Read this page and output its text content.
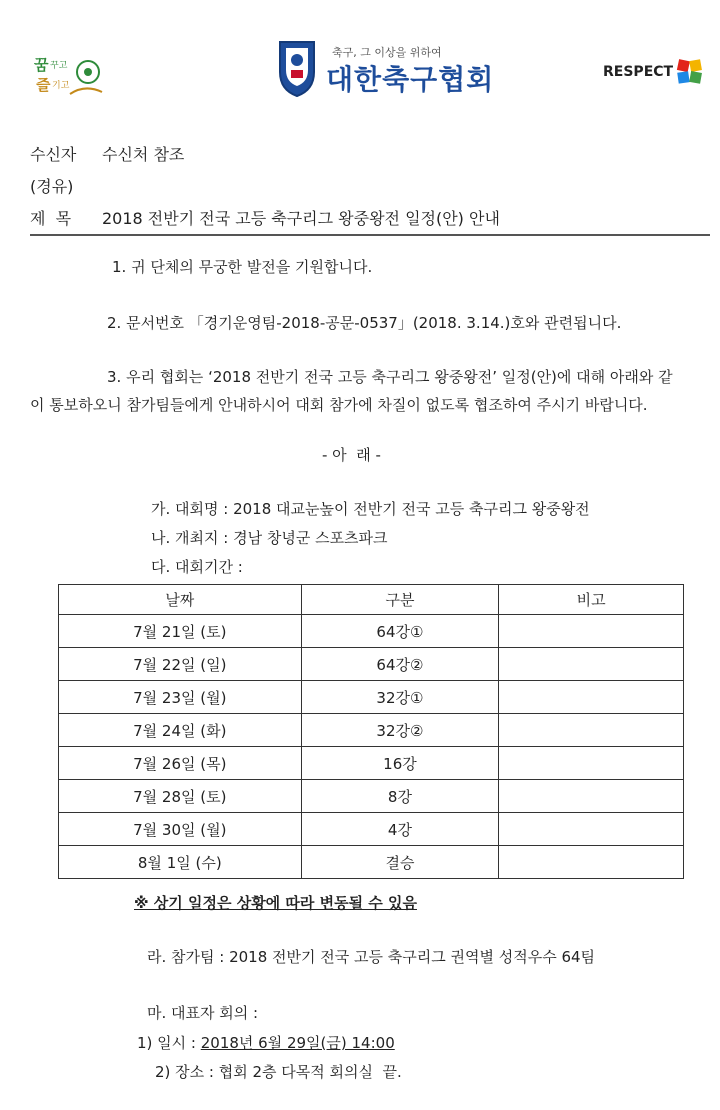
꿈 꾸고
즐 기고
축구, 그 이상을 위하여
대한축구협회	RESPECT
수신자 수신처 참조
(경유)
제  목 2018 전반기 전국 고등 축구리그 왕중왕전 일정(안) 안내
1. 귀 단체의 무궁한 발전을 기원합니다.
2. 문서번호 「경기운영팀-2018-공문-0537」(2018. 3.14.)호와 관련됩니다.
3. 우리 협회는 ‘2018 전반기 전국 고등 축구리그 왕중왕전’ 일정(안)에 대해 아래와 같
이 통보하오니 참가팀들에게 안내하시어 대회 참가에 차질이 없도록 협조하여 주시기 바랍니다.
- 아  래 -
가. 대회명 : 2018 대교눈높이 전반기 전국 고등 축구리그 왕중왕전
나. 개최지 : 경남 창녕군 스포츠파크
다. 대회기간 :
날짜	구분	비고
7월 21일 (토)	64강①	
7월 22일 (일)	64강②	
7월 23일 (월)	32강①	
7월 24일 (화)	32강②	
7월 26일 (목)	16강	
7월 28일 (토)	8강	
7월 30일 (월)	4강	
8월 1일 (수)	결승	
※ 상기 일정은 상황에 따라 변동될 수 있음
라. 참가팀 : 2018 전반기 전국 고등 축구리그 권역별 성적우수 64팀
마. 대표자 회의 :
1) 일시 : 2018년 6월 29일(금) 14:00
2) 장소 : 협회 2층 다목적 회의실  끝.
